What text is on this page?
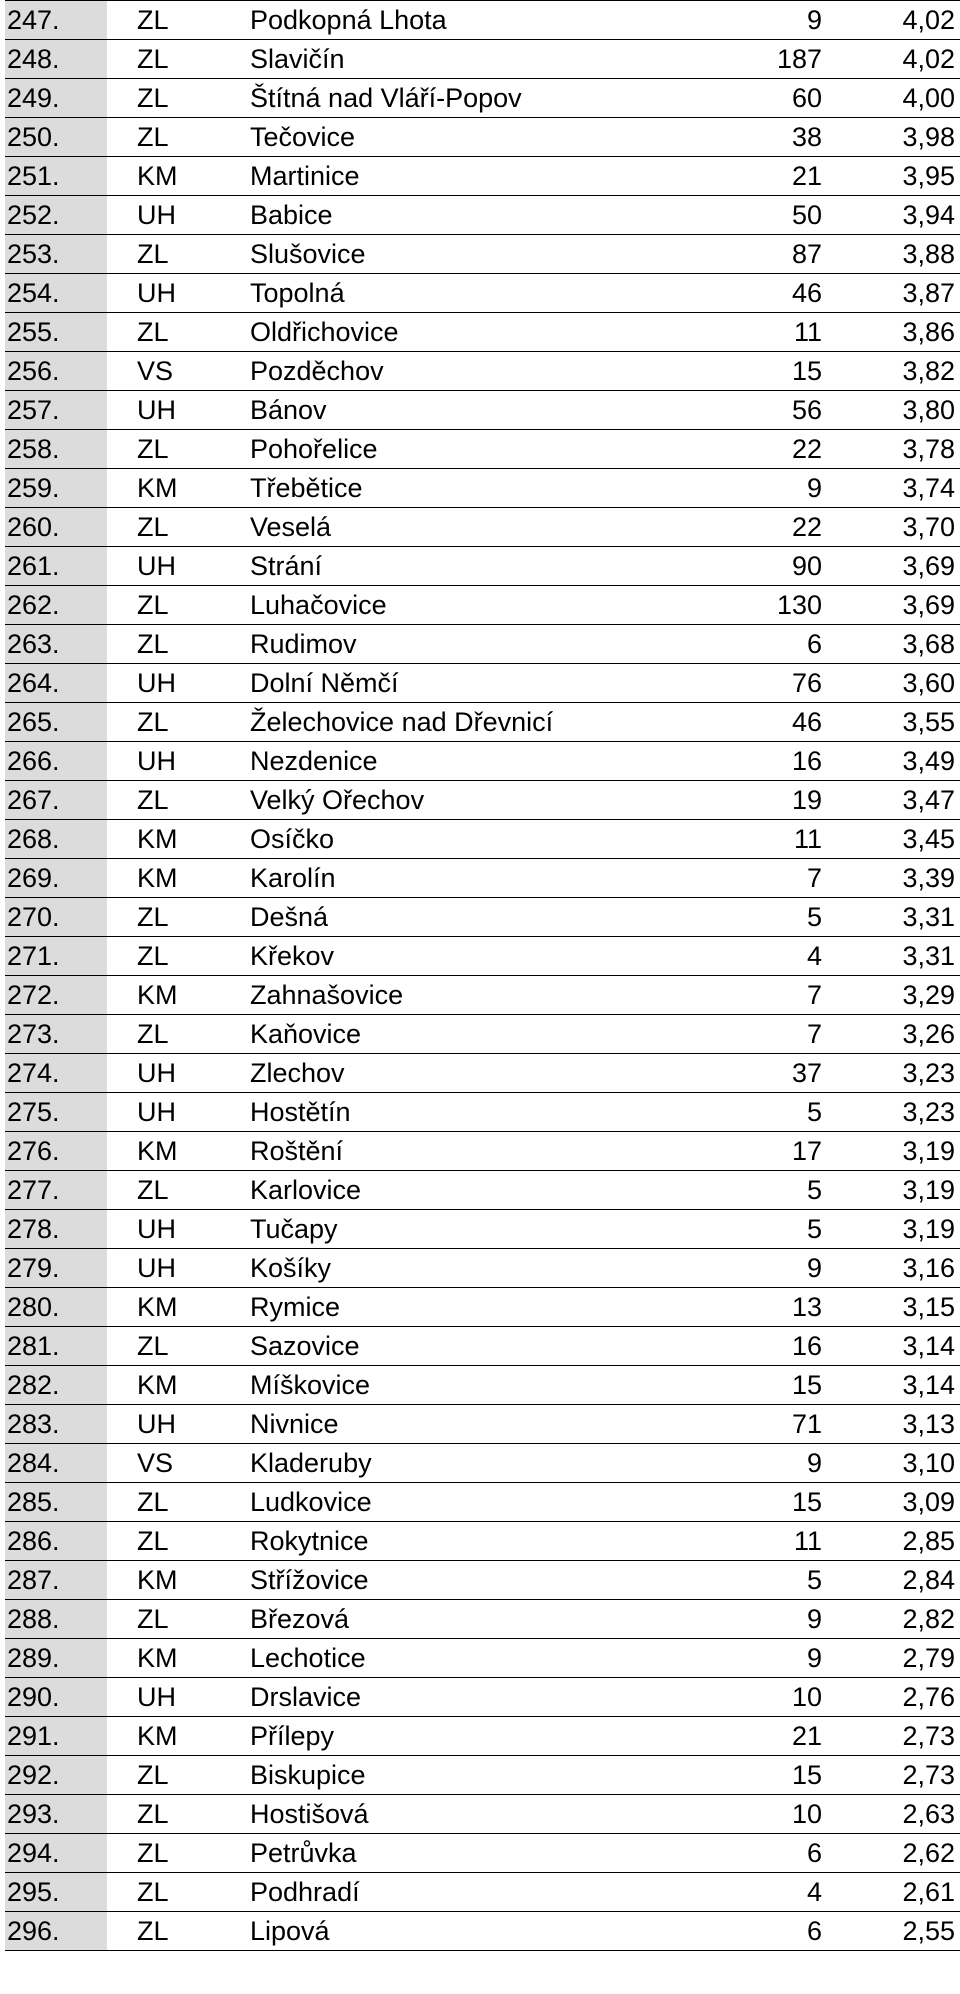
247.	ZL	Podkopná Lhota	9	4,02
248.	ZL	Slavičín	187	4,02
249.	ZL	Štítná nad Vláří-Popov	60	4,00
250.	ZL	Tečovice	38	3,98
251.	KM	Martinice	21	3,95
252.	UH	Babice	50	3,94
253.	ZL	Slušovice	87	3,88
254.	UH	Topolná	46	3,87
255.	ZL	Oldřichovice	11	3,86
256.	VS	Pozděchov	15	3,82
257.	UH	Bánov	56	3,80
258.	ZL	Pohořelice	22	3,78
259.	KM	Třebětice	9	3,74
260.	ZL	Veselá	22	3,70
261.	UH	Strání	90	3,69
262.	ZL	Luhačovice	130	3,69
263.	ZL	Rudimov	6	3,68
264.	UH	Dolní Němčí	76	3,60
265.	ZL	Želechovice nad Dřevnicí	46	3,55
266.	UH	Nezdenice	16	3,49
267.	ZL	Velký Ořechov	19	3,47
268.	KM	Osíčko	11	3,45
269.	KM	Karolín	7	3,39
270.	ZL	Dešná	5	3,31
271.	ZL	Křekov	4	3,31
272.	KM	Zahnašovice	7	3,29
273.	ZL	Kaňovice	7	3,26
274.	UH	Zlechov	37	3,23
275.	UH	Hostětín	5	3,23
276.	KM	Roštění	17	3,19
277.	ZL	Karlovice	5	3,19
278.	UH	Tučapy	5	3,19
279.	UH	Košíky	9	3,16
280.	KM	Rymice	13	3,15
281.	ZL	Sazovice	16	3,14
282.	KM	Míškovice	15	3,14
283.	UH	Nivnice	71	3,13
284.	VS	Kladeruby	9	3,10
285.	ZL	Ludkovice	15	3,09
286.	ZL	Rokytnice	11	2,85
287.	KM	Střížovice	5	2,84
288.	ZL	Březová	9	2,82
289.	KM	Lechotice	9	2,79
290.	UH	Drslavice	10	2,76
291.	KM	Přílepy	21	2,73
292.	ZL	Biskupice	15	2,73
293.	ZL	Hostišová	10	2,63
294.	ZL	Petrůvka	6	2,62
295.	ZL	Podhradí	4	2,61
296.	ZL	Lipová	6	2,55
